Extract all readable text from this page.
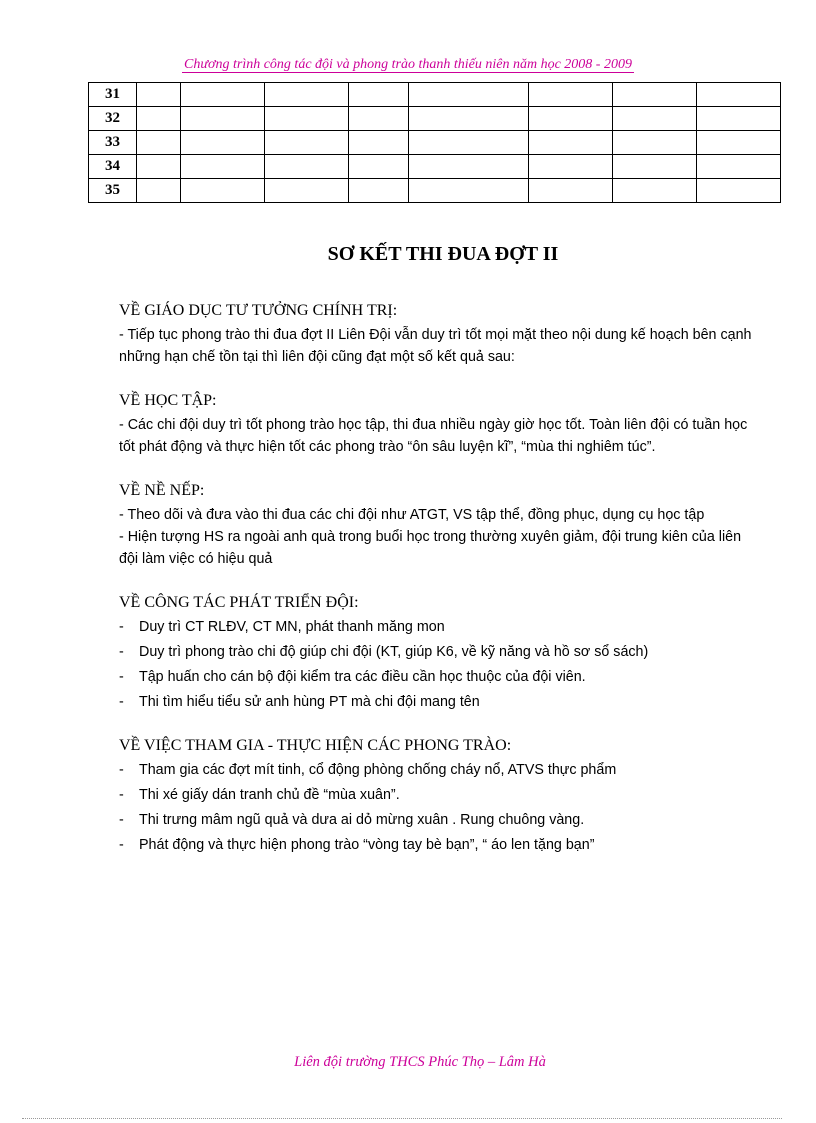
Chương trình công tác đội và phong trào thanh thiếu niên năm học 2008 - 2009
31								
32								
33								
34								
35								
SƠ KẾT THI ĐUA ĐỢT II
VỀ GIÁO DỤC TƯ TƯỞNG CHÍNH TRỊ:

- Tiếp tục phong trào thi đua đợt II Liên Đội vẫn duy trì tốt mọi mặt theo nội dung kế hoạch bên cạnh những hạn chế tồn tại thì liên đội cũng đạt một số kết quả sau:

VỀ HỌC TẬP:

- Các chi đội duy trì tốt phong trào học tập, thi đua nhiều ngày giờ học tốt. Toàn liên đội có tuần học tốt phát động và thực hiện tốt các phong trào “ôn sâu luyện kĩ”, “mùa thi nghiêm túc”.

VỀ NỀ NẾP:

- Theo dõi và đưa vào thi đua các chi đội như ATGT, VS tập thể, đồng phục, dụng cụ học tập

- Hiện tượng HS ra ngoài anh quà trong buổi học trong thường xuyên giảm, đội trung kiên của liên đội làm việc có hiệu quả

VỀ CÔNG TÁC PHÁT TRIỂN ĐỘI:
- Duy trì CT RLĐV, CT MN, phát thanh măng mon
- Duy trì phong trào chi độ giúp chi đội (KT, giúp K6, về kỹ năng và hồ sơ sổ sách)
- Tập huấn cho cán bộ đội kiểm tra các điều cần học thuộc của đội viên.
- Thi tìm hiểu tiểu sử anh hùng PT mà chi đội mang tên
VỀ VIỆC THAM GIA - THỰC HIỆN CÁC PHONG TRÀO:
- Tham gia các đợt mít tinh, cổ động phòng chống cháy nổ, ATVS thực phẩm
- Thi xé giấy dán tranh chủ đề “mùa xuân”.
- Thi trưng mâm ngũ quả và dưa ai dỏ mừng xuân . Rung chuông vàng.
- Phát động và thực hiện phong trào “vòng tay bè bạn”, “ áo len tặng bạn”
Liên đội trường THCS Phúc Thọ – Lâm Hà
